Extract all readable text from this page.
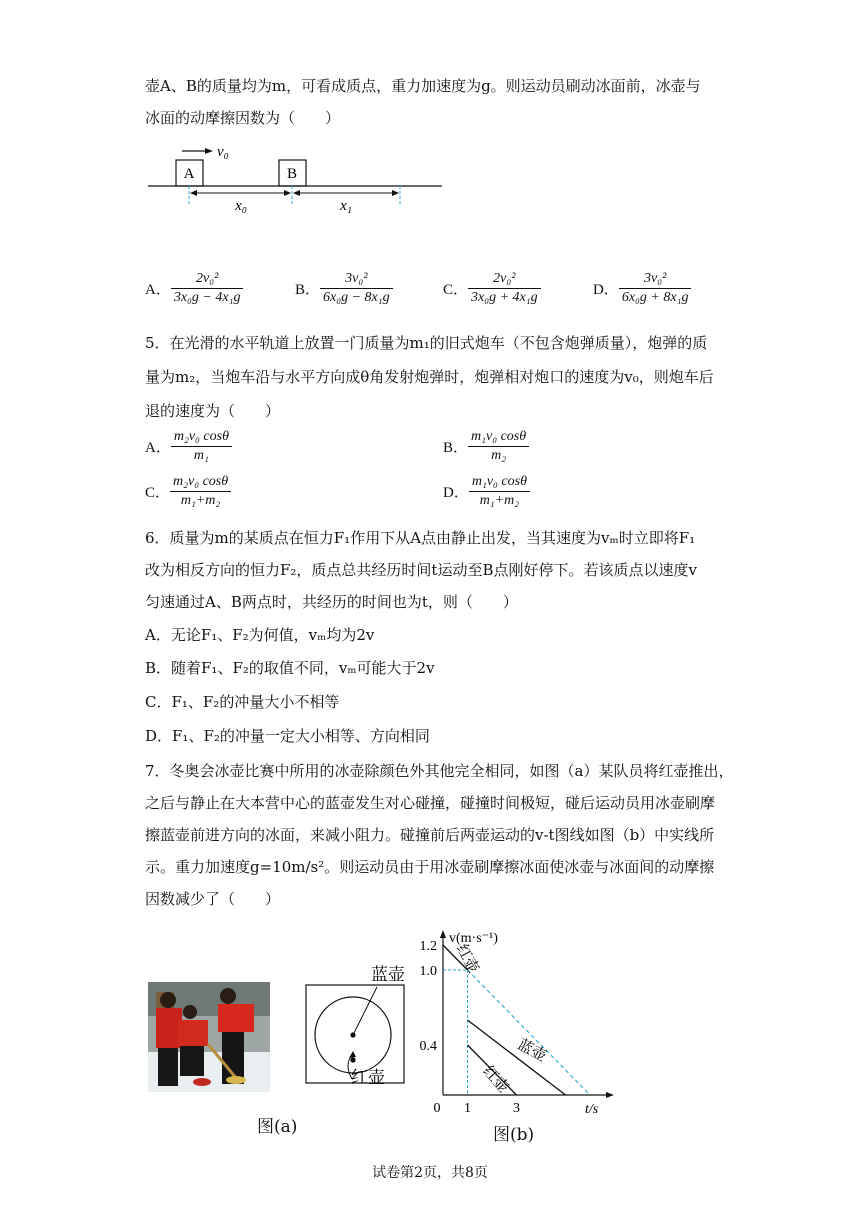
壶A、B的质量均为m，可看成质点，重力加速度为g。则运动员刷动冰面前，冰壶与
冰面的动摩擦因数为（　　）
A	B
v₀
x₀	x₁
A． $\frac{\text{2v₀²}}{\text{3x₀g − 4x₁g}}$	B． $\frac{\text{3v₀²}}{\text{6x₀g − 8x₁g}}$	C． $\frac{\text{2v₀²}}{\text{3x₀g + 4x₁g}}$	D． $\frac{\text{3v₀²}}{\text{6x₀g + 8x₁g}}$
5．在光滑的水平轨道上放置一门质量为m₁的旧式炮车（不包含炮弹质量），炮弹的质
量为m₂，当炮车沿与水平方向成θ角发射炮弹时，炮弹相对炮口的速度为v₀，则炮车后
退的速度为（　　）
A． $\frac{\text{m₂v₀ cosθ}}{\text{m₁}}$	B． $\frac{\text{m₁v₀ cosθ}}{\text{m₂}}$
C． $\frac{\text{m₂v₀ cosθ}}{\text{m₁+m₂}}$	D． $\frac{\text{m₁v₀ cosθ}}{\text{m₁+m₂}}$
6．质量为m的某质点在恒力F₁作用下从A点由静止出发，当其速度为vₘ时立即将F₁
改为相反方向的恒力F₂，质点总共经历时间t运动至B点刚好停下。若该质点以速度v
匀速通过A、B两点时，共经历的时间也为t，则（　　）
A．无论F₁、F₂为何值，vₘ均为2v
B．随着F₁、F₂的取值不同，vₘ可能大于2v
C．F₁、F₂的冲量大小不相等
D．F₁、F₂的冲量一定大小相等、方向相同
7．冬奥会冰壶比赛中所用的冰壶除颜色外其他完全相同，如图（a）某队员将红壶推出，
之后与静止在大本营中心的蓝壶发生对心碰撞，碰撞时间极短，碰后运动员用冰壶刷摩
擦蓝壶前进方向的冰面，来减小阻力。碰撞前后两壶运动的v-t图线如图（b）中实线所
示。重力加速度g=10m/s²。则运动员由于用冰壶刷摩擦冰面使冰壶与冰面间的动摩擦
因数减少了（　　）
蓝壶
红壶
图(a)
v(m·s⁻¹)
t/s
1.2
1.0
0.4
0 1	3
红壶
蓝壶
红壶
图(b)
试卷第2页，共8页
